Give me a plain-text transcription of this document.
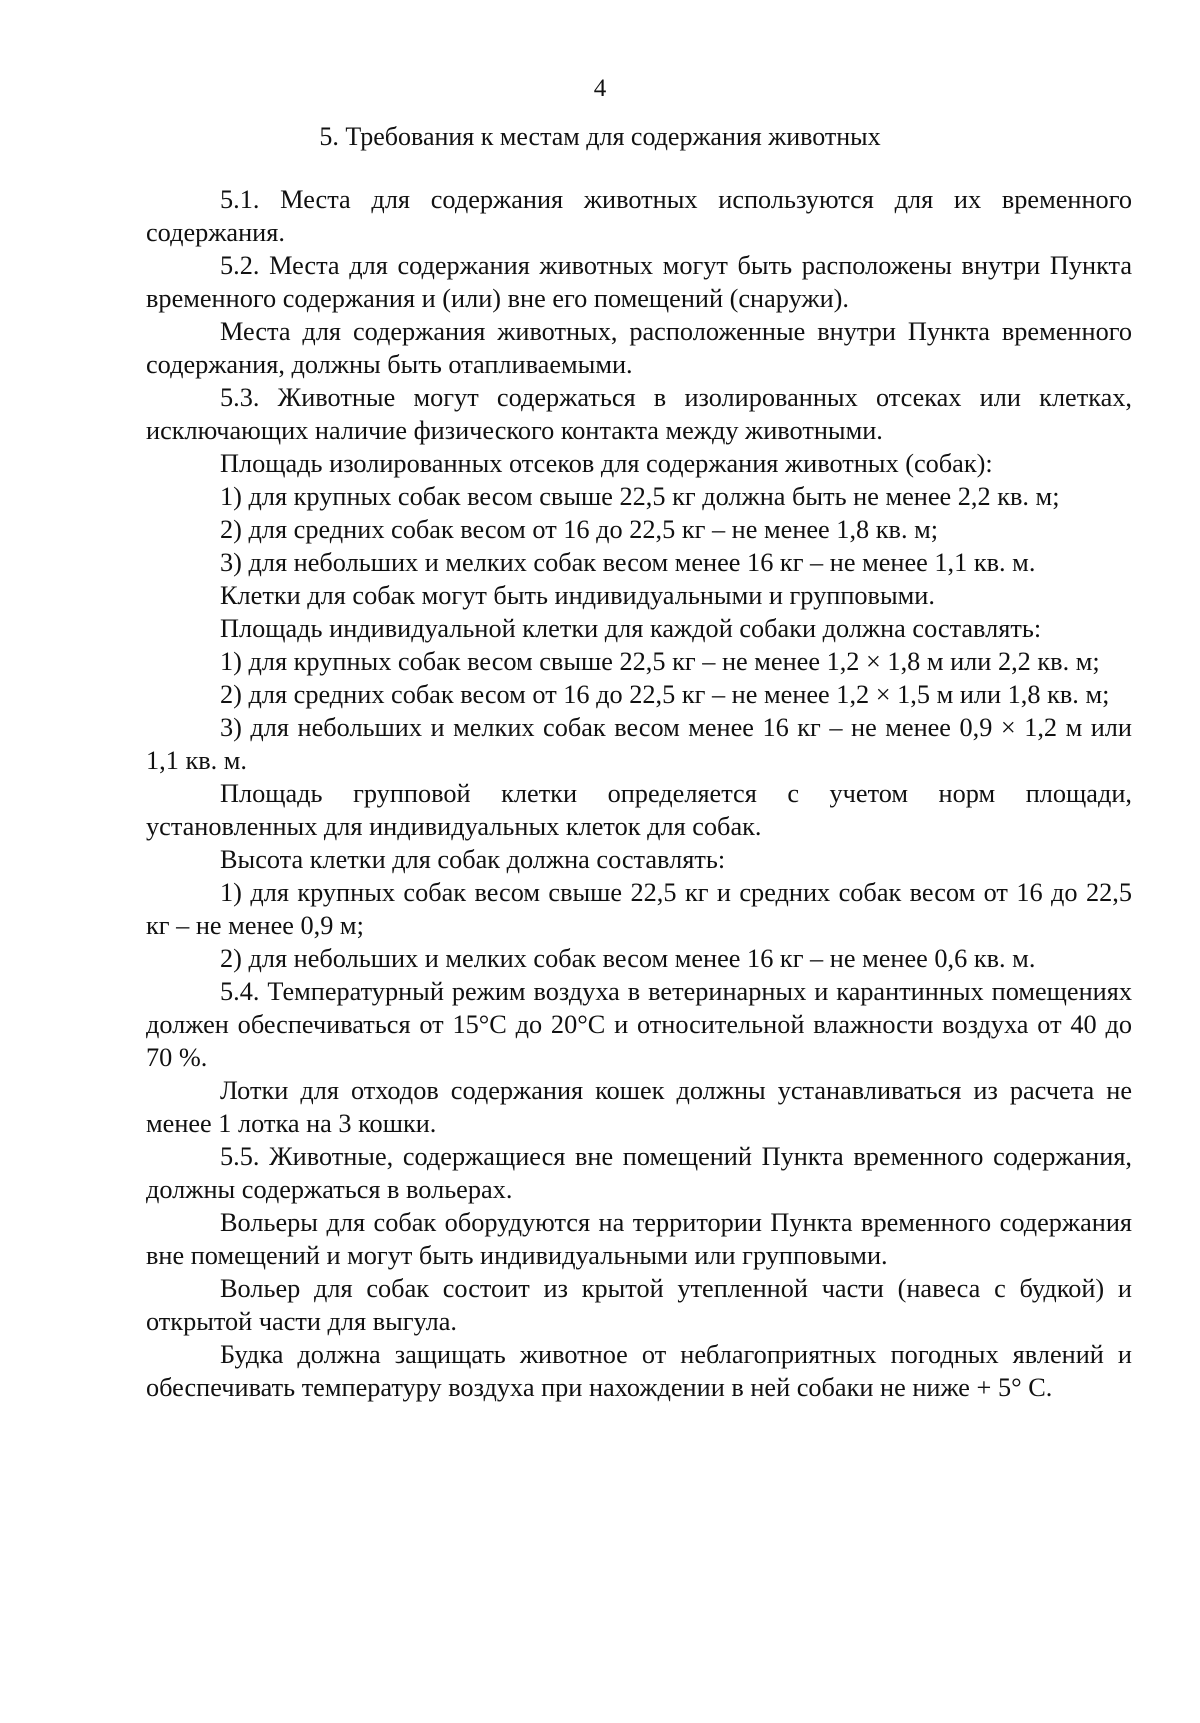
4
5. Требования к местам для содержания животных

5.1. Места для содержания животных используются для их временного содержания.

5.2. Места для содержания животных могут быть расположены внутри Пункта временного содержания и (или) вне его помещений (снаружи).

Места для содержания животных, расположенные внутри Пункта временного содержания, должны быть отапливаемыми.

5.3. Животные могут содержаться в изолированных отсеках или клетках, исключающих наличие физического контакта между животными.

Площадь изолированных отсеков для содержания животных (собак):

1) для крупных собак весом свыше 22,5 кг должна быть не менее 2,2 кв. м;

2) для средних собак весом от 16 до 22,5 кг – не менее 1,8 кв. м;

3) для небольших и мелких собак весом менее 16 кг – не менее 1,1 кв. м.

Клетки для собак могут быть индивидуальными и групповыми.

Площадь индивидуальной клетки для каждой собаки должна составлять:

1) для крупных собак весом свыше 22,5 кг – не менее 1,2 × 1,8 м или 2,2 кв. м;

2) для средних собак весом от 16 до 22,5 кг – не менее 1,2 × 1,5 м или 1,8 кв. м;

3) для небольших и мелких собак весом менее 16 кг – не менее 0,9 × 1,2 м или 1,1 кв. м.

Площадь групповой клетки определяется с учетом норм площади, установленных для индивидуальных клеток для собак.

Высота клетки для собак должна составлять:

1) для крупных собак весом свыше 22,5 кг и средних собак весом от 16 до 22,5 кг – не менее 0,9 м;

2) для небольших и мелких собак весом менее 16 кг – не менее 0,6 кв. м.

5.4. Температурный режим воздуха в ветеринарных и карантинных помещениях должен обеспечиваться от 15°С до 20°С и относительной влажности воздуха от 40 до 70 %.

Лотки для отходов содержания кошек должны устанавливаться из расчета не менее 1 лотка на 3 кошки.

5.5. Животные, содержащиеся вне помещений Пункта временного содержания, должны содержаться в вольерах.

Вольеры для собак оборудуются на территории Пункта временного содержания вне помещений и могут быть индивидуальными или групповыми.

Вольер для собак состоит из крытой утепленной части (навеса с будкой) и открытой части для выгула.

Будка должна защищать животное от неблагоприятных погодных явлений и обеспечивать температуру воздуха при нахождении в ней собаки не ниже + 5° С.
